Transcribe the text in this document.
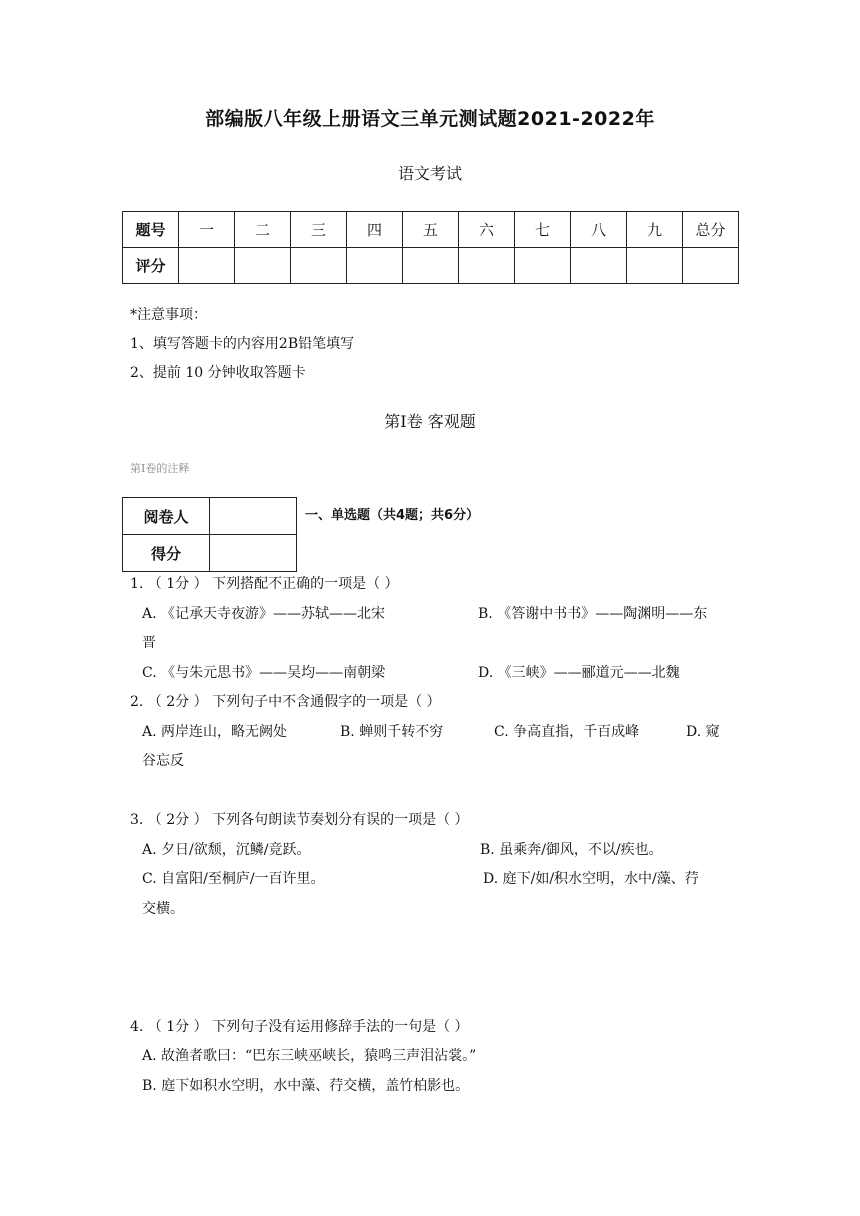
部编版八年级上册语文三单元测试题2021-2022年
语文考试
题号	一	二	三	四	五	六	七	八	九	总分
评分										
*注意事项：
1、填写答题卡的内容用2B铅笔填写
2、提前 10 分钟收取答题卡
第Ⅰ卷 客观题
第Ⅰ卷的注释
阅卷人	
得分	
一、单选题（共4题；共6分）
1. （ 1分 ） 下列搭配不正确的一项是（ ）
A. 《记承天寺夜游》——苏轼——北宋	B. 《答谢中书书》——陶渊明——东
晋
C. 《与朱元思书》——吴均——南朝梁	D. 《三峡》——郦道元——北魏
2. （ 2分 ） 下列句子中不含通假字的一项是（ ）
A. 两岸连山，略无阙处	B. 蝉则千转不穷	C. 争高直指，千百成峰	D. 窥
谷忘反
3. （ 2分 ） 下列各句朗读节奏划分有误的一项是（ ）
A. 夕日/欲颓，沉鳞/竞跃。	B. 虽乘奔/御风，不以/疾也。
C. 自富阳/至桐庐/一百许里。	D. 庭下/如/积水空明，水中/藻、荇
交横。
4. （ 1分 ） 下列句子没有运用修辞手法的一句是（ ）
A. 故渔者歌曰：“巴东三峡巫峡长，猿鸣三声泪沾裳。”
B. 庭下如积水空明，水中藻、荇交横，盖竹柏影也。
